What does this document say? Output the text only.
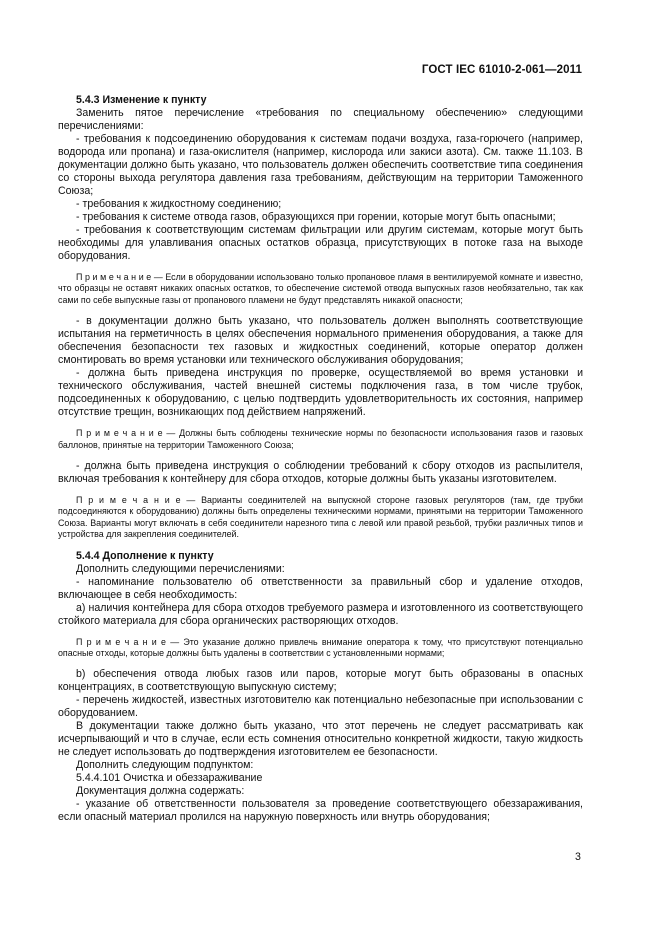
ГОСТ IEC 61010-2-061—2011

5.4.3 Изменение к пункту

Заменить пятое перечисление «требования по специальному обеспечению» следующими перечислениями:

- требования к подсоединению оборудования к системам подачи воздуха, газа-горючего (например, водорода или пропана) и газа-окислителя (например, кислорода или закиси азота). См. также 11.103. В документации должно быть указано, что пользователь должен обеспечить соответствие типа соединения со стороны выхода регулятора давления газа требованиям, действующим на территории Таможенного Союза;

- требования к жидкостному соединению;

- требования к системе отвода газов, образующихся при горении, которые могут быть опасными;

- требования к соответствующим системам фильтрации или другим системам, которые могут быть необходимы для улавливания опасных остатков образца, присутствующих в потоке газа на выходе оборудования.

П р и м е ч а н и е — Если в оборудовании использовано только пропановое пламя в вентилируемой комнате и известно, что образцы не оставят никаких опасных остатков, то обеспечение системой отвода выпускных газов необязательно, так как сами по себе выпускные газы от пропанового пламени не будут представлять никакой опасности;

- в документации должно быть указано, что пользователь должен выполнять соответствующие испытания на герметичность в целях обеспечения нормального применения оборудования, а также для обеспечения безопасности тех газовых и жидкостных соединений, которые оператор должен смонтировать во время установки или технического обслуживания оборудования;

- должна быть приведена инструкция по проверке, осуществляемой во время установки и технического обслуживания, частей внешней системы подключения газа, в том числе трубок, подсоединенных к оборудованию, с целью подтвердить удовлетворительность их состояния, например отсутствие трещин, возникающих под действием напряжений.

П р и м е ч а н и е — Должны быть соблюдены технические нормы по безопасности использования газов и газовых баллонов, принятые на территории Таможенного Союза;

- должна быть приведена инструкция о соблюдении требований к сбору отходов из распылителя, включая требования к контейнеру для сбора отходов, которые должны быть указаны изготовителем.

П р и м е ч а н и е — Варианты соединителей на выпускной стороне газовых регуляторов (там, где трубки подсоединяются к оборудованию) должны быть определены техническими нормами, принятыми на территории Таможенного Союза. Варианты могут включать в себя соединители нарезного типа с левой или правой резьбой, трубки различных типов и устройства для закрепления соединителей.

5.4.4 Дополнение к пункту

Дополнить следующими перечислениями:

- напоминание пользователю об ответственности за правильный сбор и удаление отходов, включающее в себя необходимость:

а) наличия контейнера для сбора отходов требуемого размера и изготовленного из соответствующего стойкого материала для сбора органических растворяющих отходов.

П р и м е ч а н и е — Это указание должно привлечь внимание оператора к тому, что присутствуют потенциально опасные отходы, которые должны быть удалены в соответствии с установленными нормами;

b) обеспечения отвода любых газов или паров, которые могут быть образованы в опасных концентрациях, в соответствующую выпускную систему;

- перечень жидкостей, известных изготовителю как потенциально небезопасные при использовании с оборудованием.

В документации также должно быть указано, что этот перечень не следует рассматривать как исчерпывающий и что в случае, если есть сомнения относительно конкретной жидкости, такую жидкость не следует использовать до подтверждения изготовителем ее безопасности.

Дополнить следующим подпунктом:

5.4.4.101 Очистка и обеззараживание

Документация должна содержать:

- указание об ответственности пользователя за проведение соответствующего обеззараживания, если опасный материал пролился на наружную поверхность или внутрь оборудования;

3
